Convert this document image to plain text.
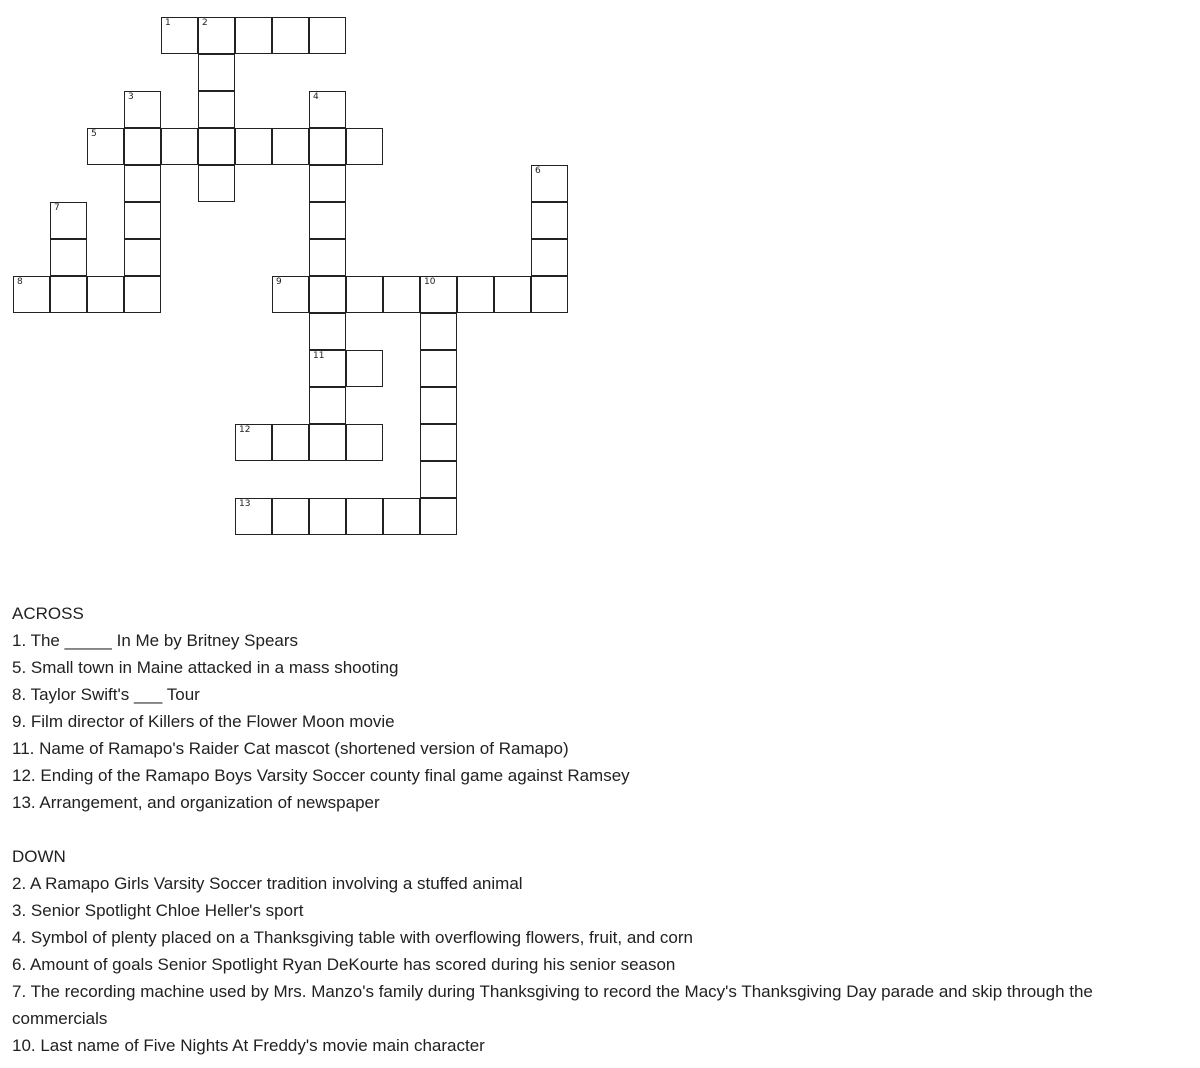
1	2
3	4
11
5
6
7
8	9	10
12
13

ACROSS

1. The _____ In Me by Britney Spears

5. Small town in Maine attacked in a mass shooting

8. Taylor Swift's ___ Tour

9. Film director of Killers of the Flower Moon movie

11. Name of Ramapo's Raider Cat mascot (shortened version of Ramapo)

12. Ending of the Ramapo Boys Varsity Soccer county final game against Ramsey

13. Arrangement, and organization of newspaper

DOWN

2. A Ramapo Girls Varsity Soccer tradition involving a stuffed animal

3. Senior Spotlight Chloe Heller's sport

4. Symbol of plenty placed on a Thanksgiving table with overflowing flowers, fruit, and corn

6. Amount of goals Senior Spotlight Ryan DeKourte has scored during his senior season

7. The recording machine used by Mrs. Manzo's family during Thanksgiving to record the Macy's Thanksgiving Day parade and skip through the commercials

10. Last name of Five Nights At Freddy's movie main character
